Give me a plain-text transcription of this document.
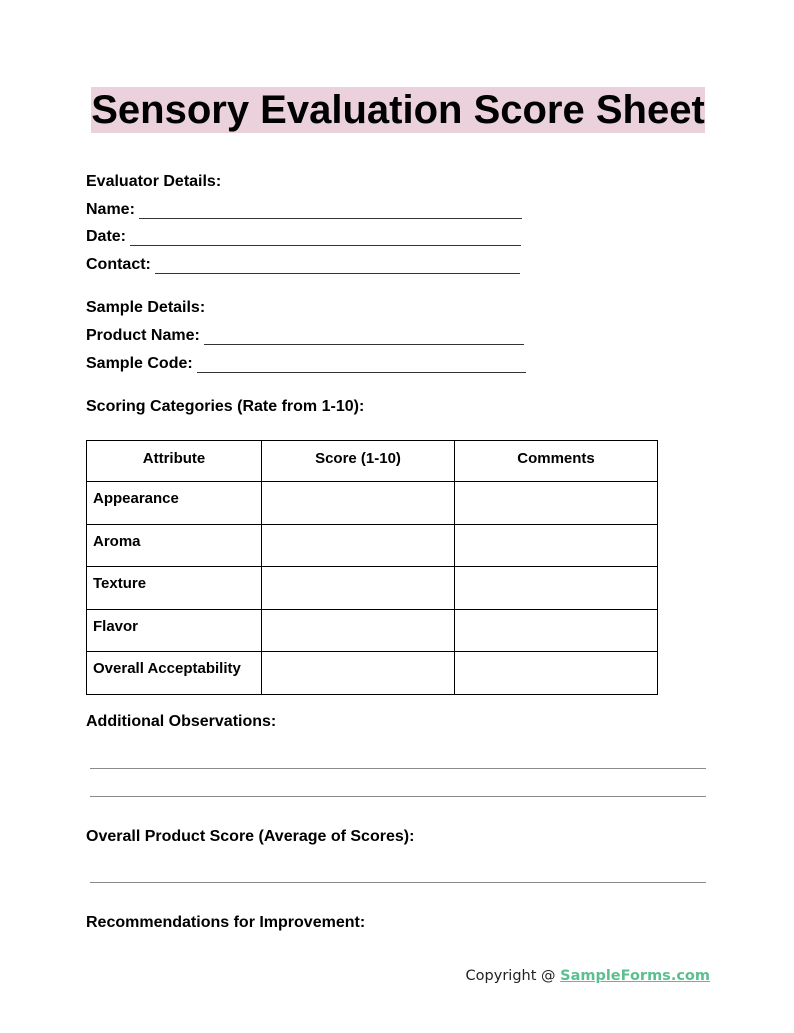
Sensory Evaluation Score Sheet
Evaluator Details:
Name:
Date:
Contact:
Sample Details:
Product Name:
Sample Code:
Scoring Categories (Rate from 1-10):
Attribute	Score (1-10)	Comments
Appearance		
Aroma		
Texture		
Flavor		
Overall Acceptability		
Additional Observations:
Overall Product Score (Average of Scores):
Recommendations for Improvement:
Copyright @ SampleForms.com
